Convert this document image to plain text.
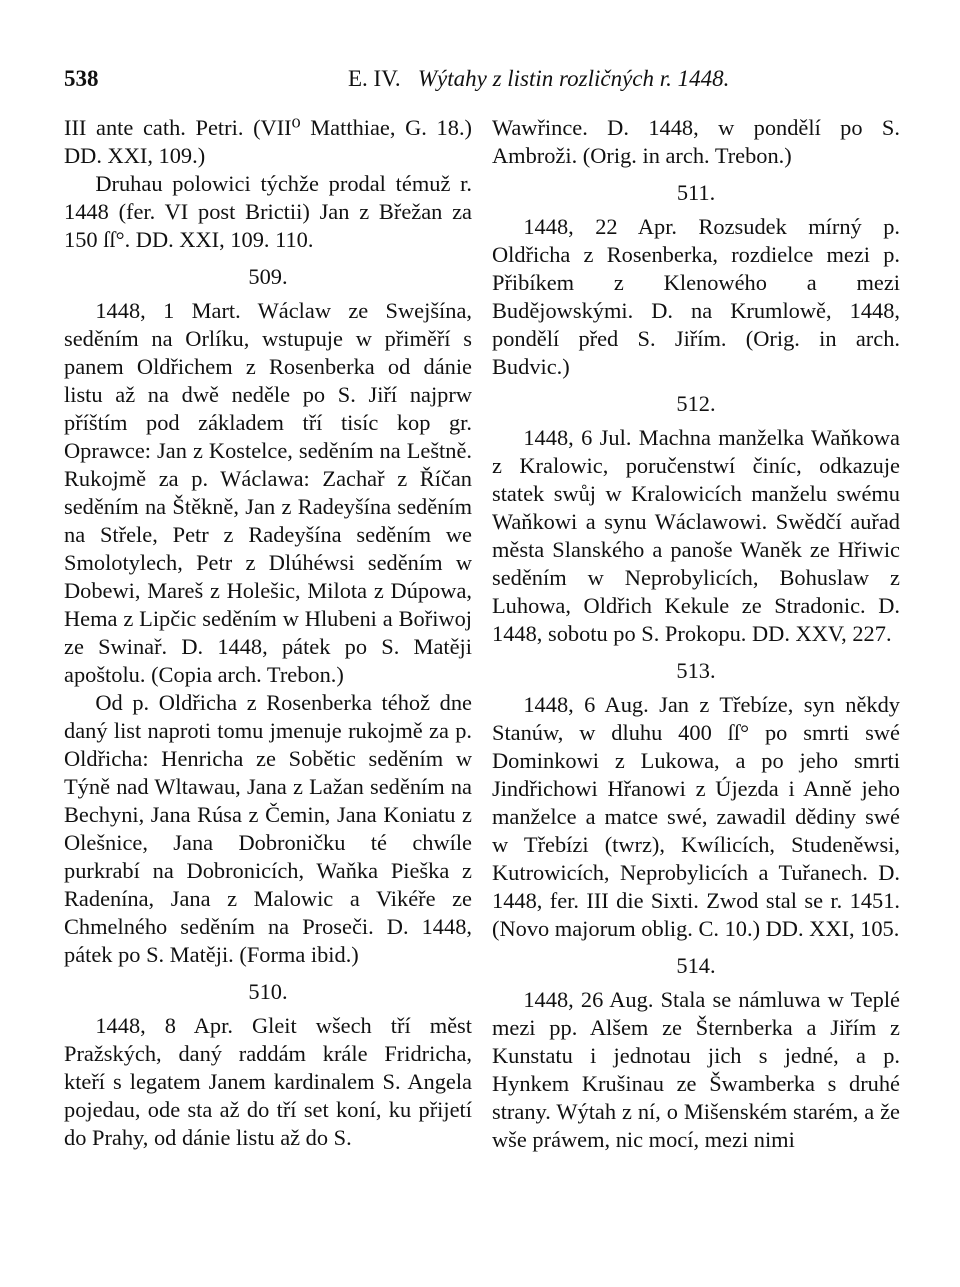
538	E. IV. Wýtahy z listin rozličných r. 1448.

III ante cath. Petri. (VII⁰ Matthiae, G. 18.) DD. XXI, 109.)

Druhau polowici týchže prodal témuž r. 1448 (fer. VI post Brictii) Jan z Břežan za 150 ſſ°. DD. XXI, 109. 110.

509.

1448, 1 Mart. Wáclaw ze Swejšína, seděním na Orlíku, wstupuje w přiměří s panem Oldřichem z Rosenberka od dánie listu až na dwě neděle po S. Jiří najprw příštím pod základem tří tisíc kop gr. Oprawce: Jan z Kostelce, seděním na Leštně. Rukojmě za p. Wáclawa: Zachař z Říčan seděním na Štěkně, Jan z Radeyšína seděním na Střele, Petr z Radeyšína seděním we Smolotylech, Petr z Dlúhéwsi seděním w Dobewi, Mareš z Holešic, Milota z Dúpowa, Hema z Lipčic seděním w Hlubeni a Bořiwoj ze Swinař. D. 1448, pátek po S. Matěji apoštolu. (Copia arch. Trebon.)

Od p. Oldřicha z Rosenberka téhož dne daný list naproti tomu jmenuje rukojmě za p. Oldřicha: Henricha ze Sobětic seděním w Týně nad Wltawau, Jana z Lažan seděním na Bechyni, Jana Rúsa z Čemin, Jana Koniatu z Olešnice, Jana Dobroničku té chwíle purkrabí na Dobronicích, Waňka Pieška z Radenína, Jana z Malowic a Vikéře ze Chmelného seděním na Proseči. D. 1448, pátek po S. Matěji. (Forma ibid.)

510.

1448, 8 Apr. Gleit wšech tří měst Pražských, daný raddám krále Fridricha, kteří s legatem Janem kardinalem S. Angela pojedau, ode sta až do tří set koní, ku přijetí do Prahy, od dánie listu až do S.

Wawřince. D. 1448, w pondělí po S. Ambroži. (Orig. in arch. Trebon.)

511.

1448, 22 Apr. Rozsudek mírný p. Oldřicha z Rosenberka, rozdielce mezi p. Přibíkem z Klenowého a mezi Budějowskými. D. na Krumlowě, 1448, pondělí před S. Jiřím. (Orig. in arch. Budvic.)

512.

1448, 6 Jul. Machna manželka Waňkowa z Kralowic, poručenstwí činíc, odkazuje statek swůj w Kralowicích manželu swému Waňkowi a synu Wáclawowi. Swědčí auřad města Slanského a panoše Waněk ze Hřiwic seděním w Neprobylicích, Bohuslaw z Luhowa, Oldřich Kekule ze Stradonic. D. 1448, sobotu po S. Prokopu. DD. XXV, 227.

513.

1448, 6 Aug. Jan z Třebíze, syn někdy Stanúw, w dluhu 400 ſſ° po smrti swé Dominkowi z Lukowa, a po jeho smrti Jindřichowi Hřanowi z Újezda i Anně jeho manželce a matce swé, zawadil dědiny swé w Třebízi (twrz), Kwílicích, Studeněwsi, Kutrowicích, Neprobylicích a Tuřanech. D. 1448, fer. III die Sixti. Zwod stal se r. 1451. (Novo majorum oblig. C. 10.) DD. XXI, 105.

514.

1448, 26 Aug. Stala se námluwa w Teplé mezi pp. Alšem ze Šternberka a Jiřím z Kunstatu i jednotau jich s jedné, a p. Hynkem Krušinau ze Šwamberka s druhé strany. Wýtah z ní, o Mišenském starém, a že wše práwem, nic mocí, mezi nimi
